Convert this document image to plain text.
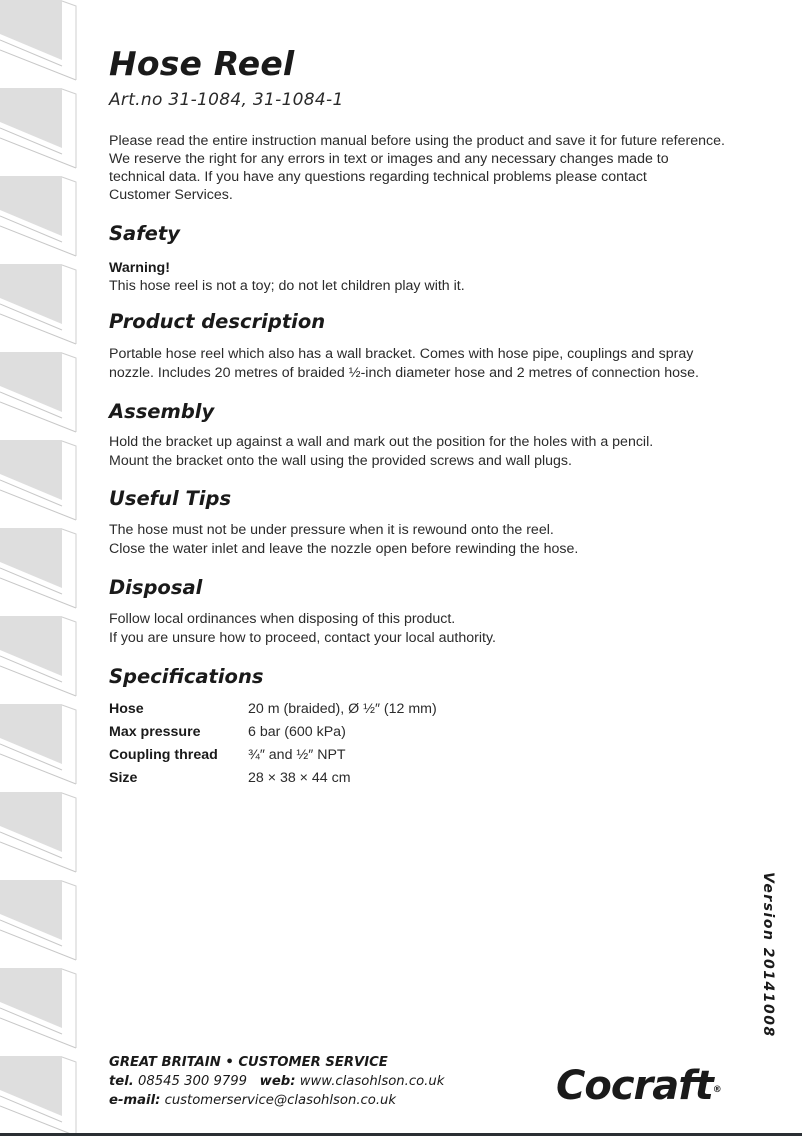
Hose Reel
Art.no 31-1084, 31-1084-1
Please read the entire instruction manual before using the product and save it for future reference.
We reserve the right for any errors in text or images and any necessary changes made to
technical data. If you have any questions regarding technical problems please contact
Customer Services.
Safety

Warning!

This hose reel is not a toy; do not let children play with it.

Product description

Portable hose reel which also has a wall bracket. Comes with hose pipe, couplings and spray

nozzle. Includes 20 metres of braided ½-inch diameter hose and 2 metres of connection hose.

Assembly

Hold the bracket up against a wall and mark out the position for the holes with a pencil.

Mount the bracket onto the wall using the provided screws and wall plugs.

Useful Tips

The hose must not be under pressure when it is rewound onto the reel.

Close the water inlet and leave the nozzle open before rewinding the hose.

Disposal

Follow local ordinances when disposing of this product.

If you are unsure how to proceed, contact your local authority.

Specifications
Hose	20 m (braided), Ø ½″ (12 mm)
Max pressure	6 bar (600 kPa)
Coupling thread	¾″ and ½″ NPT
Size	28 × 38 × 44 cm
Version 20141008
GREAT BRITAIN • CUSTOMER SERVICE
tel. 08545 300 9799 web: www.clasohlson.co.uk
e-mail: customerservice@clasohlson.co.uk	Cocraft®
